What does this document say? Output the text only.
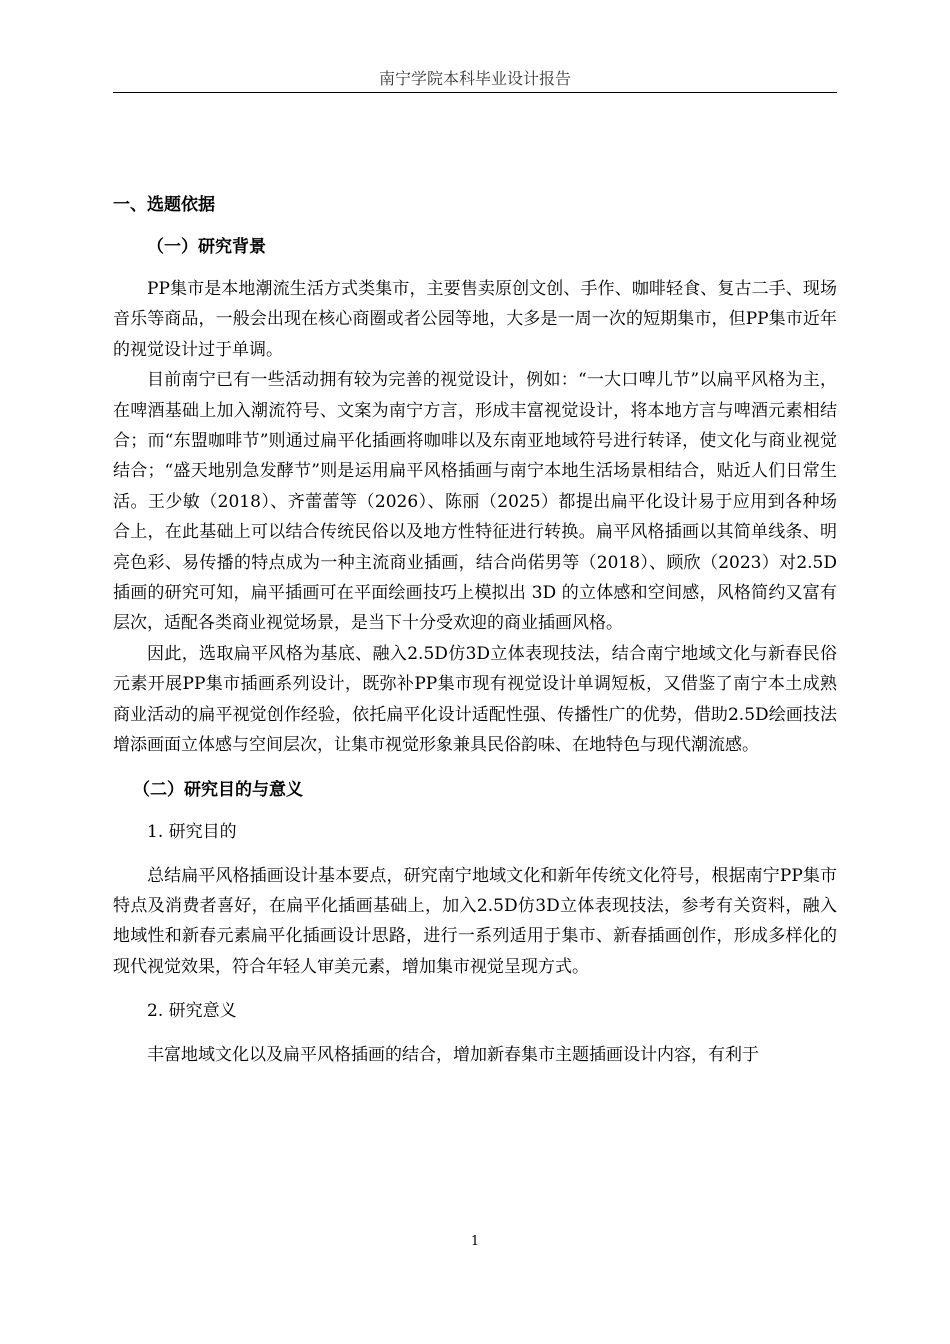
南宁学院本科毕业设计报告
一、选题依据
（一）研究背景

PP集市是本地潮流生活方式类集市，主要售卖原创文创、手作、咖啡轻食、复古二手、现场音乐等商品，一般会出现在核心商圈或者公园等地，大多是一周一次的短期集市，但PP集市近年的视觉设计过于单调。

目前南宁已有一些活动拥有较为完善的视觉设计，例如：“一大口啤儿节”以扁平风格为主，在啤酒基础上加入潮流符号、文案为南宁方言，形成丰富视觉设计，将本地方言与啤酒元素相结合；而“东盟咖啡节”则通过扁平化插画将咖啡以及东南亚地域符号进行转译，使文化与商业视觉结合；“盛天地别急发酵节”则是运用扁平风格插画与南宁本地生活场景相结合，贴近人们日常生活。王少敏（2018）、齐蕾蕾等（2026）、陈丽（2025）都提出扁平化设计易于应用到各种场合上，在此基础上可以结合传统民俗以及地方性特征进行转换。扁平风格插画以其简单线条、明亮色彩、易传播的特点成为一种主流商业插画，结合尚偌男等（2018）、顾欣（2023）对2.5D插画的研究可知，扁平插画可在平面绘画技巧上模拟出 3D 的立体感和空间感，风格简约又富有层次，适配各类商业视觉场景，是当下十分受欢迎的商业插画风格。

因此，选取扁平风格为基底、融入2.5D仿3D立体表现技法，结合南宁地域文化与新春民俗元素开展PP集市插画系列设计，既弥补PP集市现有视觉设计单调短板，又借鉴了南宁本土成熟商业活动的扁平视觉创作经验，依托扁平化设计适配性强、传播性广的优势，借助2.5D绘画技法增添画面立体感与空间层次，让集市视觉形象兼具民俗韵味、在地特色与现代潮流感。

（二）研究目的与意义
1. 研究目的

总结扁平风格插画设计基本要点，研究南宁地域文化和新年传统文化符号，根据南宁PP集市特点及消费者喜好，在扁平化插画基础上，加入2.5D仿3D立体表现技法，参考有关资料，融入地域性和新春元素扁平化插画设计思路，进行一系列适用于集市、新春插画创作，形成多样化的现代视觉效果，符合年轻人审美元素，增加集市视觉呈现方式。

2. 研究意义

丰富地域文化以及扁平风格插画的结合，增加新春集市主题插画设计内容，有利于

1
